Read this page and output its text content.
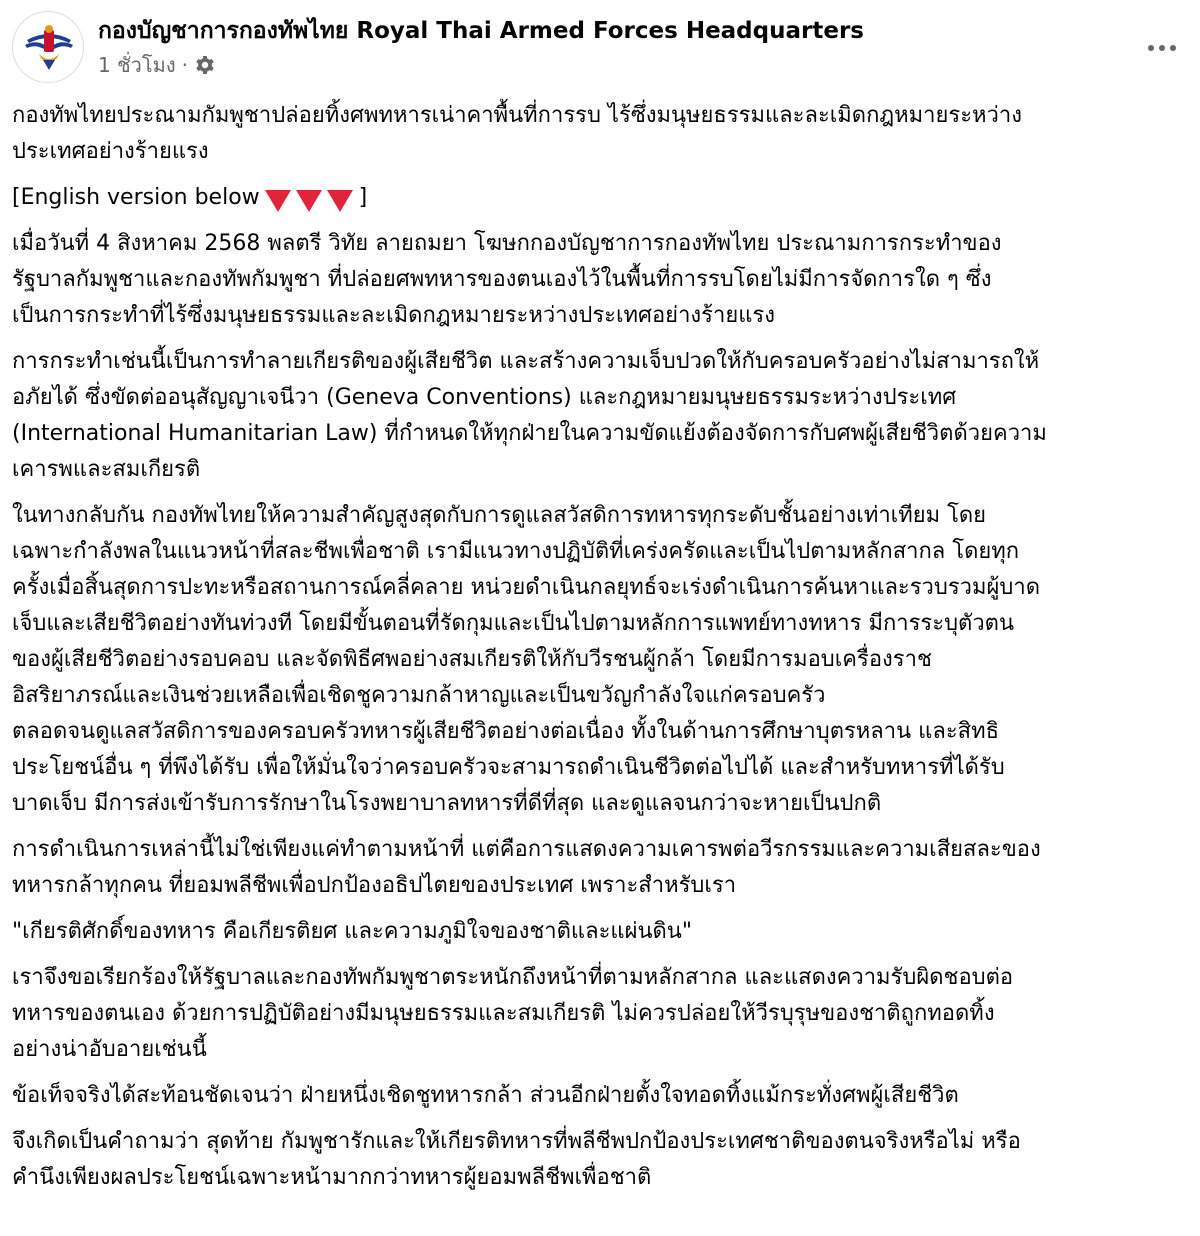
กองบัญชาการกองทัพไทย Royal Thai Armed Forces Headquarters
1 ชั่วโมง ·

กองทัพไทยประณามกัมพูชาปล่อยทิ้งศพทหารเน่าคาพื้นที่การรบ ไร้ซึ่งมนุษยธรรมและละเมิดกฎหมายระหว่าง
ประเทศอย่างร้ายแรง

[English version below	]

เมื่อวันที่ 4 สิงหาคม 2568 พลตรี วิทัย ลายถมยา โฆษกกองบัญชาการกองทัพไทย ประณามการกระทำของ
รัฐบาลกัมพูชาและกองทัพกัมพูชา ที่ปล่อยศพทหารของตนเองไว้ในพื้นที่การรบโดยไม่มีการจัดการใด ๆ ซึ่ง
เป็นการกระทำที่ไร้ซึ่งมนุษยธรรมและละเมิดกฎหมายระหว่างประเทศอย่างร้ายแรง

การกระทำเช่นนี้เป็นการทำลายเกียรติของผู้เสียชีวิต และสร้างความเจ็บปวดให้กับครอบครัวอย่างไม่สามารถให้
อภัยได้ ซึ่งขัดต่ออนุสัญญาเจนีวา (Geneva Conventions) และกฎหมายมนุษยธรรมระหว่างประเทศ
(International Humanitarian Law) ที่กำหนดให้ทุกฝ่ายในความขัดแย้งต้องจัดการกับศพผู้เสียชีวิตด้วยความ
เคารพและสมเกียรติ

ในทางกลับกัน กองทัพไทยให้ความสำคัญสูงสุดกับการดูแลสวัสดิการทหารทุกระดับชั้นอย่างเท่าเทียม โดย
เฉพาะกำลังพลในแนวหน้าที่สละชีพเพื่อชาติ เรามีแนวทางปฏิบัติที่เคร่งครัดและเป็นไปตามหลักสากล โดยทุก
ครั้งเมื่อสิ้นสุดการปะทะหรือสถานการณ์คลี่คลาย หน่วยดำเนินกลยุทธ์จะเร่งดำเนินการค้นหาและรวบรวมผู้บาด
เจ็บและเสียชีวิตอย่างทันท่วงที โดยมีขั้นตอนที่รัดกุมและเป็นไปตามหลักการแพทย์ทางทหาร มีการระบุตัวตน
ของผู้เสียชีวิตอย่างรอบคอบ และจัดพิธีศพอย่างสมเกียรติให้กับวีรชนผู้กล้า โดยมีการมอบเครื่องราช
อิสริยาภรณ์และเงินช่วยเหลือเพื่อเชิดชูความกล้าหาญและเป็นขวัญกำลังใจแก่ครอบครัว
ตลอดจนดูแลสวัสดิการของครอบครัวทหารผู้เสียชีวิตอย่างต่อเนื่อง ทั้งในด้านการศึกษาบุตรหลาน และสิทธิ
ประโยชน์อื่น ๆ ที่พึงได้รับ เพื่อให้มั่นใจว่าครอบครัวจะสามารถดำเนินชีวิตต่อไปได้ และสำหรับทหารที่ได้รับ
บาดเจ็บ มีการส่งเข้ารับการรักษาในโรงพยาบาลทหารที่ดีที่สุด และดูแลจนกว่าจะหายเป็นปกติ

การดำเนินการเหล่านี้ไม่ใช่เพียงแค่ทำตามหน้าที่ แต่คือการแสดงความเคารพต่อวีรกรรมและความเสียสละของ
ทหารกล้าทุกคน ที่ยอมพลีชีพเพื่อปกป้องอธิปไตยของประเทศ เพราะสำหรับเรา

"เกียรติศักดิ์ของทหาร คือเกียรติยศ และความภูมิใจของชาติและแผ่นดิน"

เราจึงขอเรียกร้องให้รัฐบาลและกองทัพกัมพูชาตระหนักถึงหน้าที่ตามหลักสากล และแสดงความรับผิดชอบต่อ
ทหารของตนเอง ด้วยการปฏิบัติอย่างมีมนุษยธรรมและสมเกียรติ ไม่ควรปล่อยให้วีรบุรุษของชาติถูกทอดทิ้ง
อย่างน่าอับอายเช่นนี้

ข้อเท็จจริงได้สะท้อนชัดเจนว่า ฝ่ายหนึ่งเชิดชูทหารกล้า ส่วนอีกฝ่ายตั้งใจทอดทิ้งแม้กระทั่งศพผู้เสียชีวิต

จึงเกิดเป็นคำถามว่า สุดท้าย กัมพูชารักและให้เกียรติทหารที่พลีชีพปกป้องประเทศชาติของตนจริงหรือไม่ หรือ
คำนึงเพียงผลประโยชน์เฉพาะหน้ามากกว่าทหารผู้ยอมพลีชีพเพื่อชาติ
